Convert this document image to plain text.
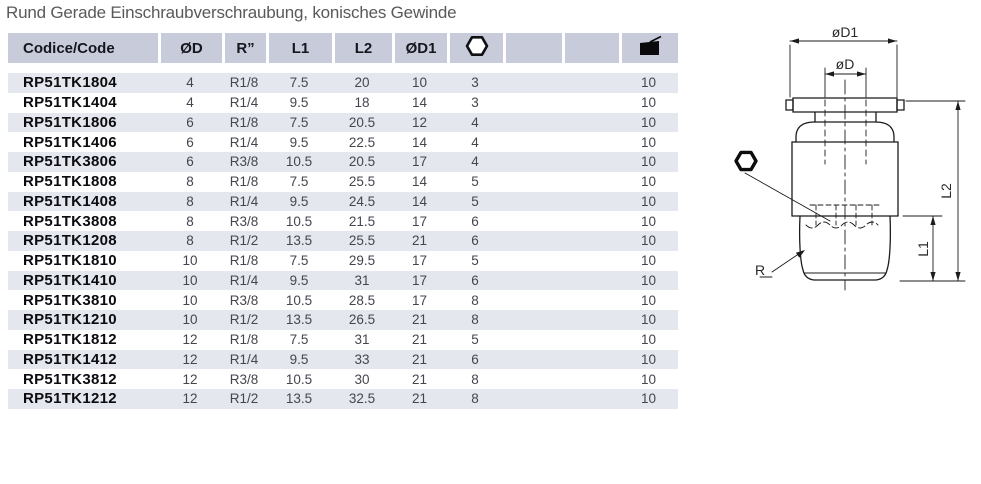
Rund Gerade Einschraubverschraubung, konisches Gewinde
Codice/Code	ØD	R”	L1	L2	ØD1
RP51TK1804	4	R1/8	7.5	20	10	3	10
RP51TK1404	4	R1/4	9.5	18	14	3	10
RP51TK1806	6	R1/8	7.5	20.5	12	4	10
RP51TK1406	6	R1/4	9.5	22.5	14	4	10
RP51TK3806	6	R3/8	10.5	20.5	17	4	10
RP51TK1808	8	R1/8	7.5	25.5	14	5	10
RP51TK1408	8	R1/4	9.5	24.5	14	5	10
RP51TK3808	8	R3/8	10.5	21.5	17	6	10
RP51TK1208	8	R1/2	13.5	25.5	21	6	10
RP51TK1810	10	R1/8	7.5	29.5	17	5	10
RP51TK1410	10	R1/4	9.5	31	17	6	10
RP51TK3810	10	R3/8	10.5	28.5	17	8	10
RP51TK1210	10	R1/2	13.5	26.5	21	8	10
RP51TK1812	12	R1/8	7.5	31	21	5	10
RP51TK1412	12	R1/4	9.5	33	21	6	10
RP51TK3812	12	R3/8	10.5	30	21	8	10
RP51TK1212	12	R1/2	13.5	32.5	21	8	10
øD1
øD
R
L1
L2
